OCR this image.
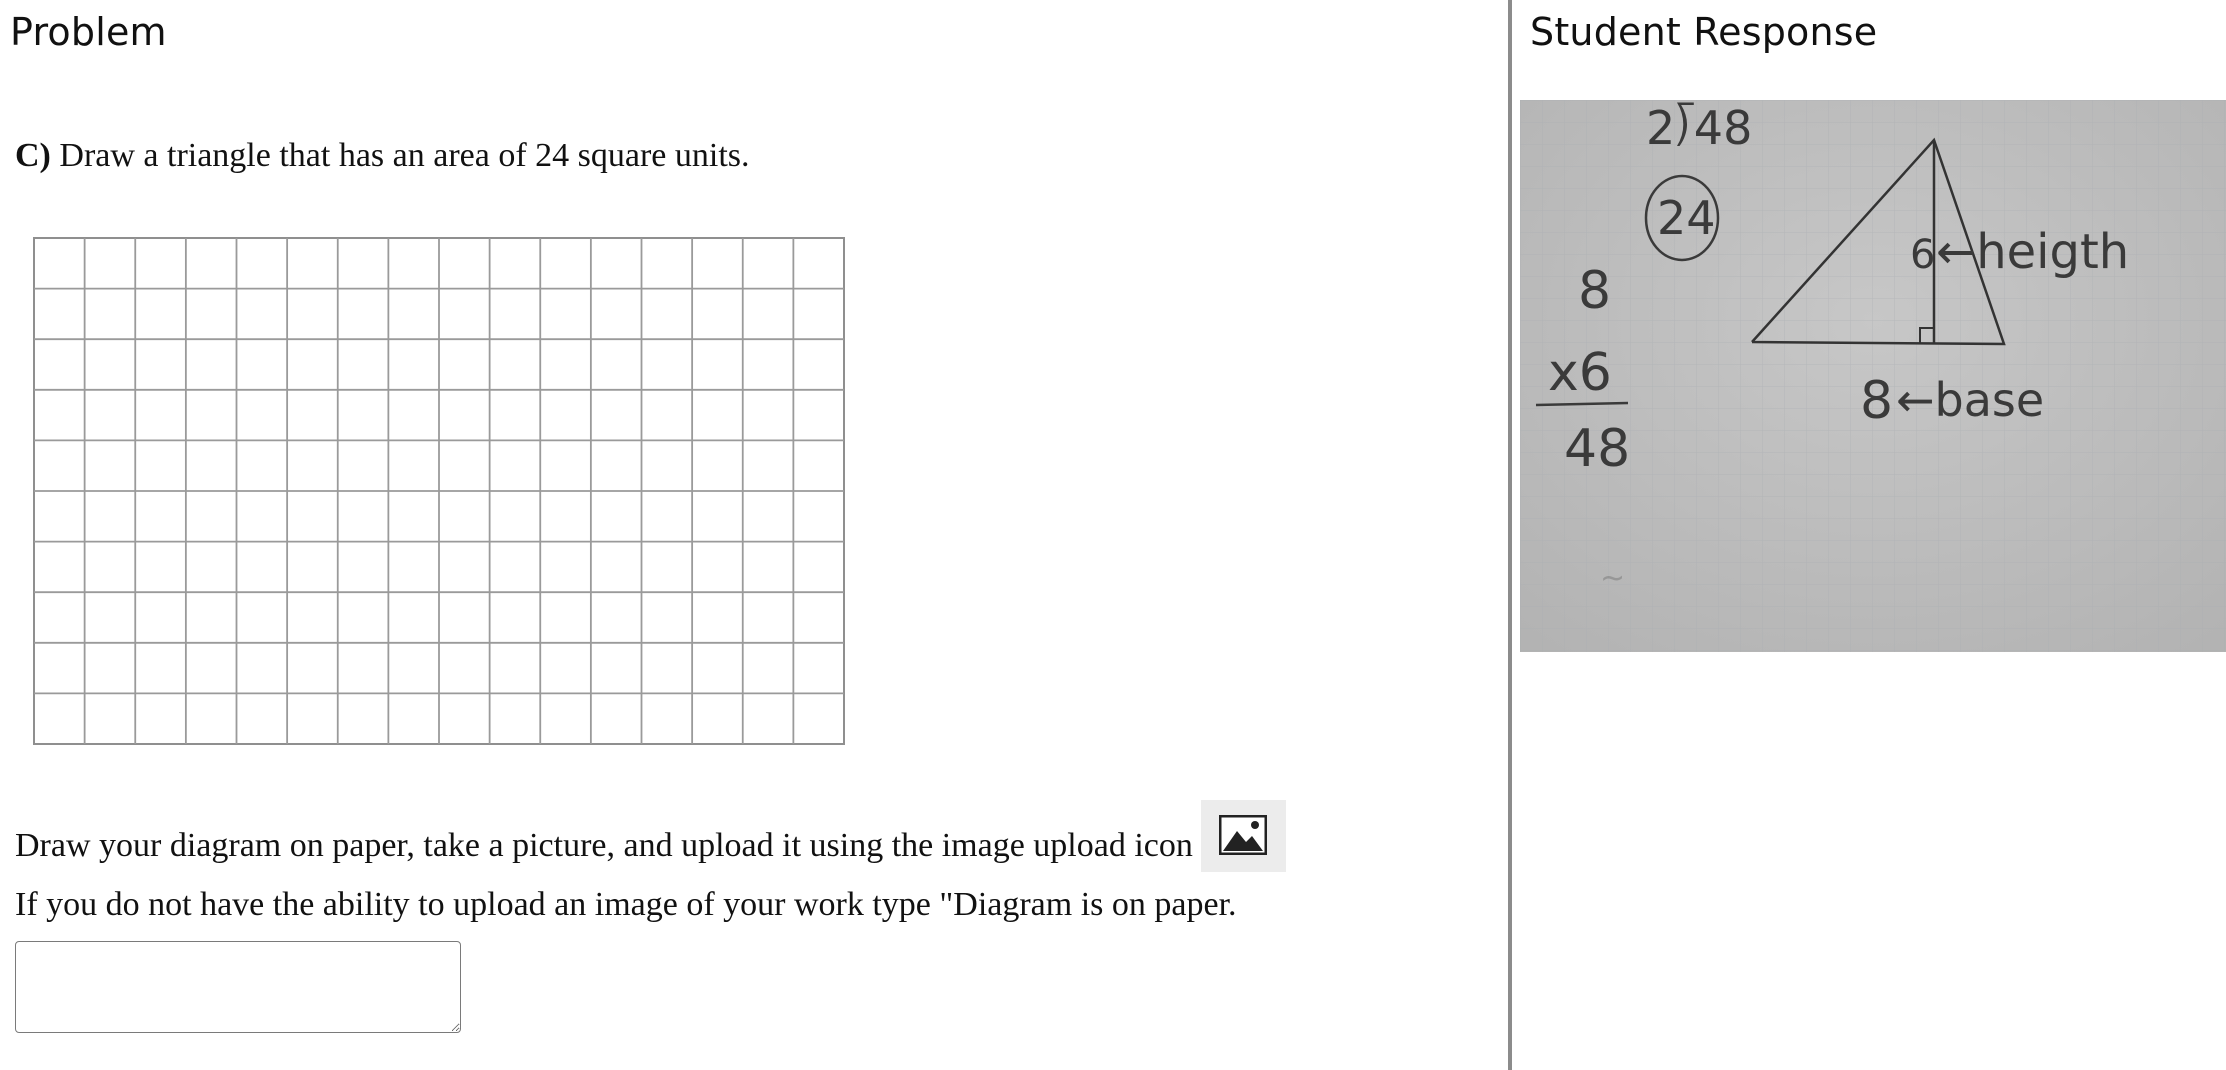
Problem

C) Draw a triangle that has an area of 24 square units.

Draw your diagram on paper, take a picture, and upload it using the image upload icon
If you do not have the ability to upload an image of your work type "Diagram is on paper.
Student Response
2⟌48
24
8
x6
48
6 ←heigth
8 ←base
~
